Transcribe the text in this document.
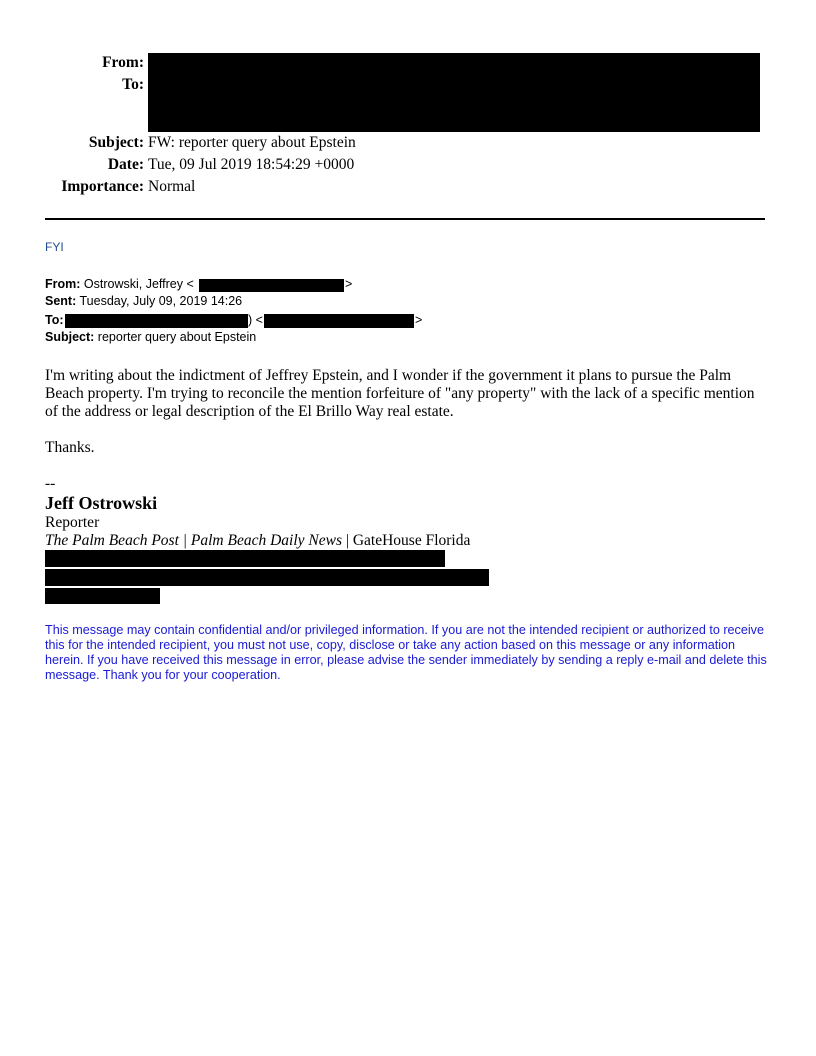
From:
To:
Subject: FW: reporter query about Epstein
Date: Tue, 09 Jul 2019 18:54:29 +0000
Importance: Normal
FYI
From: Ostrowski, Jeffrey <	>
Sent: Tuesday, July 09, 2019 14:26
To:	) <	>
Subject: reporter query about Epstein

I'm writing about the indictment of Jeffrey Epstein, and I wonder if the government it plans to pursue the Palm Beach property. I'm trying to reconcile the mention forfeiture of "any property" with the lack of a specific mention of the address or legal description of the El Brillo Way real estate.

Thanks.
--
Jeff Ostrowski
Reporter
The Palm Beach Post | Palm Beach Daily News | GateHouse Florida

This message may contain confidential and/or privileged information. If you are not the intended recipient or authorized to receive this for the intended recipient, you must not use, copy, disclose or take any action based on this message or any information herein. If you have received this message in error, please advise the sender immediately by sending a reply e-mail and delete this message. Thank you for your cooperation.
